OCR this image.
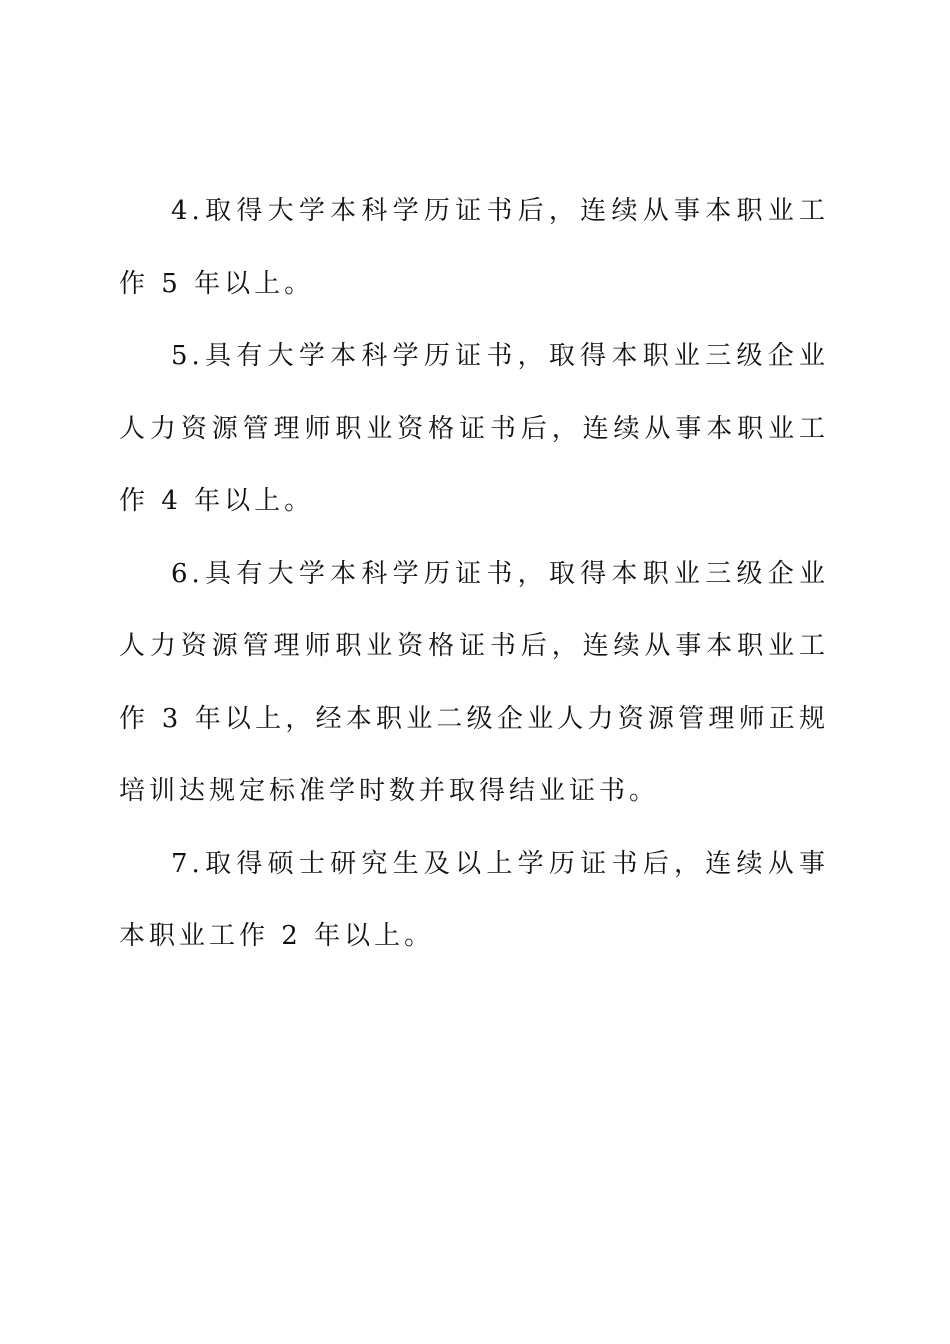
4.取得大学本科学历证书后，连续从事本职业工作 5 年以上。

5.具有大学本科学历证书，取得本职业三级企业人力资源管理师职业资格证书后，连续从事本职业工作 4 年以上。

6.具有大学本科学历证书，取得本职业三级企业人力资源管理师职业资格证书后，连续从事本职业工作 3 年以上，经本职业二级企业人力资源管理师正规培训达规定标准学时数并取得结业证书。

7.取得硕士研究生及以上学历证书后，连续从事本职业工作 2 年以上。
